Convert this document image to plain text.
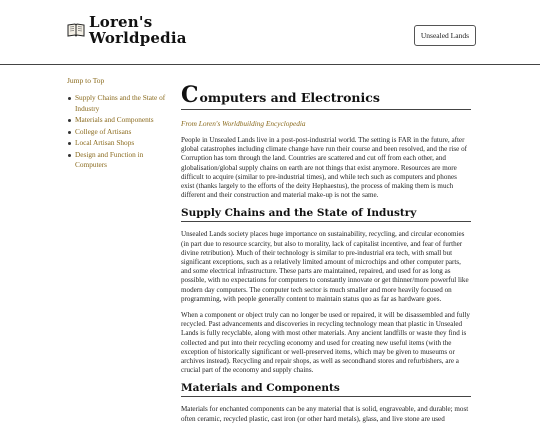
Loren's
Worldpedia	Unsealed Lands
Jump to Top
Supply Chains and the State of Industry
Materials and Components
College of Artisans
Local Artisan Shops
Design and Function in Computers
C omputers and Electronics
From Loren's Worldbuilding Encyclopedia

People in Unsealed Lands live in a post-post-industrial world. The setting is FAR in the future, after global catastrophes including climate change have run their course and been resolved, and the rise of Corruption has torn through the land. Countries are scattered and cut off from each other, and globalisation/global supply chains on earth are not things that exist anymore. Resources are more difficult to acquire (similar to pre-industrial times), and while tech such as computers and phones exist (thanks largely to the efforts of the deity Hephaestus), the process of making them is much different and their construction and material make-up is not the same.

Supply Chains and the State of Industry

Unsealed Lands society places huge importance on sustainability, recycling, and circular economies (in part due to resource scarcity, but also to morality, lack of capitalist incentive, and fear of further divine retribution). Much of their technology is similar to pre-industrial era tech, with small but significant exceptions, such as a relatively limited amount of microchips and other computer parts, and some electrical infrastructure. These parts are maintained, repaired, and used for as long as possible, with no expectations for computers to constantly innovate or get thinner/more powerful like modern day computers. The computer tech sector is much smaller and more heavily focused on programming, with people generally content to maintain status quo as far as hardware goes.

When a component or object truly can no longer be used or repaired, it will be disassembled and fully recycled. Past advancements and discoveries in recycling technology mean that plastic in Unsealed Lands is fully recyclable, along with most other materials. Any ancient landfills or waste they find is collected and put into their recycling economy and used for creating new useful items (with the exception of historically significant or well-preserved items, which may be given to museums or archives instead). Recycling and repair shops, as well as secondhand stores and refurbishers, are a crucial part of the economy and supply chains.

Materials and Components

Materials for enchanted components can be any material that is solid, engraveable, and durable; most often ceramic, recycled plastic, cast iron (or other hard metals), glass, and live stone are used
